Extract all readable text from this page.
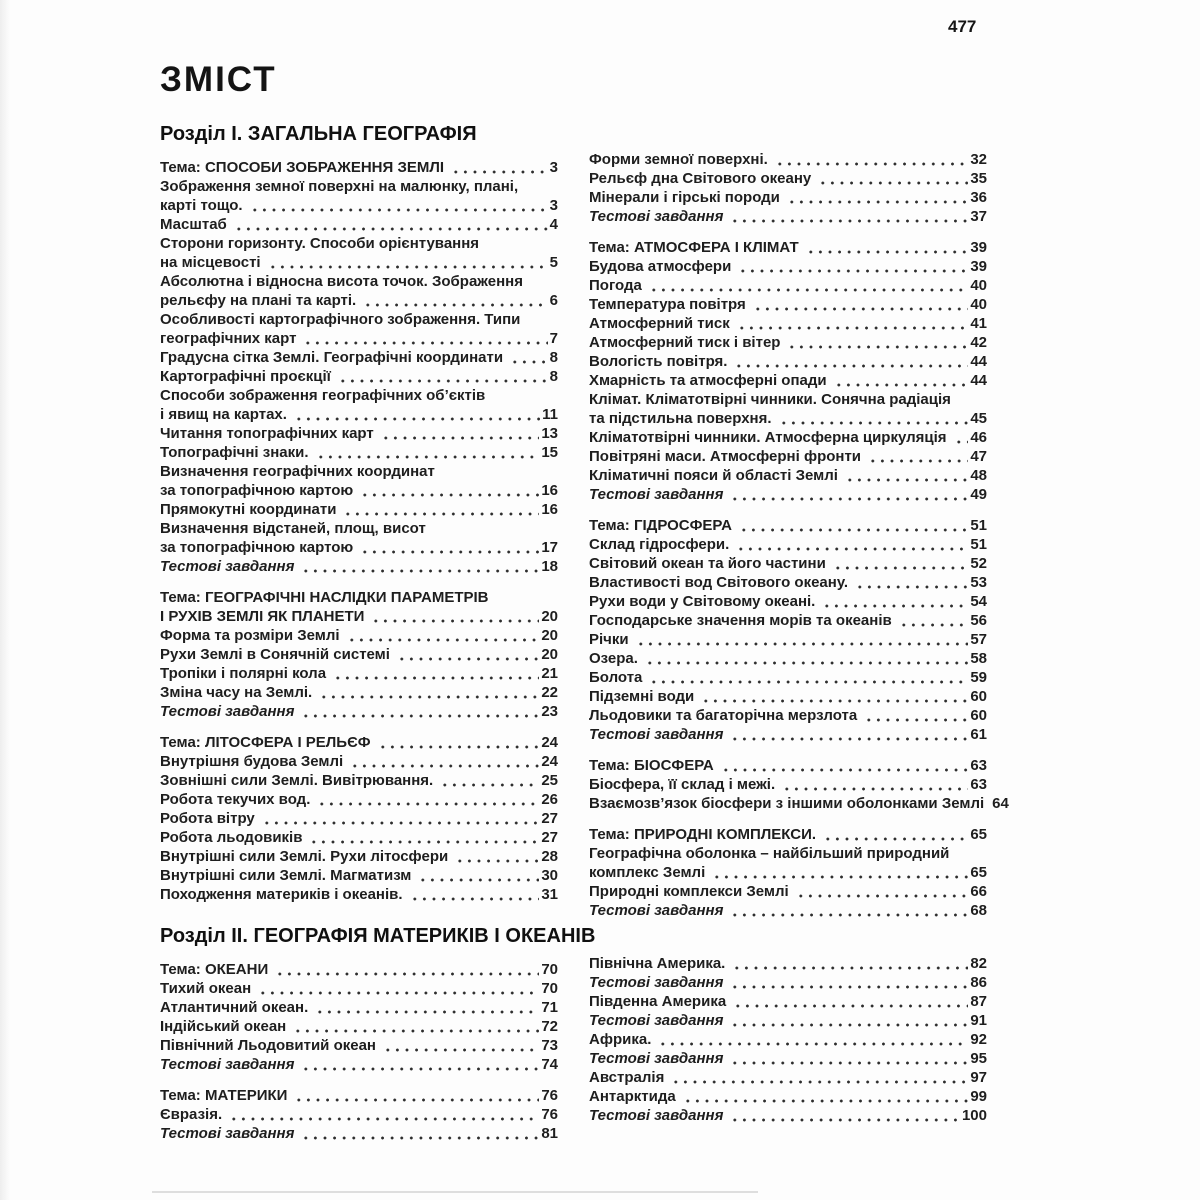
477
ЗМІСТ
Розділ І. ЗАГАЛЬНА ГЕОГРАФІЯ
Тема: СПОСОБИ ЗОБРАЖЕННЯ ЗЕМЛІ	3
Зображення земної поверхні на малюнку, плані,
карті тощо.	3
Масштаб	4
Сторони горизонту. Способи орієнтування
на місцевості	5
Абсолютна і відносна висота точок. Зображення
рельєфу на плані та карті.	6
Особливості картографічного зображення. Типи
географічних карт	7
Градусна сітка Землі. Географічні координати	8
Картографічні проєкції	8
Способи зображення географічних об’єктів
і явищ на картах.	11
Читання топографічних карт	13
Топографічні знаки.	15
Визначення географічних координат
за топографічною картою	16
Прямокутні координати	16
Визначення відстаней, площ, висот
за топографічною картою	17
Тестові завдання	18
Тема: ГЕОГРАФІЧНІ НАСЛІДКИ ПАРАМЕТРІВ
І РУХІВ ЗЕМЛІ ЯК ПЛАНЕТИ	20
Форма та розміри Землі	20
Рухи Землі в Сонячній системі	20
Тропіки і полярні кола	21
Зміна часу на Землі.	22
Тестові завдання	23
Тема: ЛІТОСФЕРА І РЕЛЬЄФ	24
Внутрішня будова Землі	24
Зовнішні сили Землі. Вивітрювання.	25
Робота текучих вод.	26
Робота вітру	27
Робота льодовиків	27
Внутрішні сили Землі. Рухи літосфери	28
Внутрішні сили Землі. Магматизм	30
Походження материків і океанів.	31
Розділ ІІ. ГЕОГРАФІЯ МАТЕРИКІВ І ОКЕАНІВ
Тема: ОКЕАНИ	70
Тихий океан	70
Атлантичний океан.	71
Індійський океан	72
Північний Льодовитий океан	73
Тестові завдання	74
Тема: МАТЕРИКИ	76
Євразія.	76
Тестові завдання	81
Форми земної поверхні.	32
Рельєф дна Світового океану	35
Мінерали і гірські породи	36
Тестові завдання	37
Тема: АТМОСФЕРА І КЛІМАТ	39
Будова атмосфери	39
Погода	40
Температура повітря	40
Атмосферний тиск	41
Атмосферний тиск і вітер	42
Вологість повітря.	44
Хмарність та атмосферні опади	44
Клімат. Кліматотвірні чинники. Сонячна радіація
та підстильна поверхня.	45
Кліматотвірні чинники. Атмосферна циркуляція 46
Повітряні маси. Атмосферні фронти	47
Кліматичні пояси й області Землі	48
Тестові завдання	49
Тема: ГІДРОСФЕРА	51
Склад гідросфери.	51
Світовий океан та його частини	52
Властивості вод Світового океану.	53
Рухи води у Світовому океані.	54
Господарське значення морів та океанів	56
Річки	57
Озера.	58
Болота	59
Підземні води	60
Льодовики та багаторічна мерзлота	60
Тестові завдання	61
Тема: БІОСФЕРА	63
Біосфера, її склад і межі.	63
Взаємозв’язок біосфери з іншими оболонками Землі 64
Тема: ПРИРОДНІ КОМПЛЕКСИ.	65
Географічна оболонка – найбільший природний
комплекс Землі	65
Природні комплекси Землі	66
Тестові завдання	68
Північна Америка.	82
Тестові завдання	86
Південна Америка	87
Тестові завдання	91
Африка.	92
Тестові завдання	95
Австралія	97
Антарктида	99
Тестові завдання	100
